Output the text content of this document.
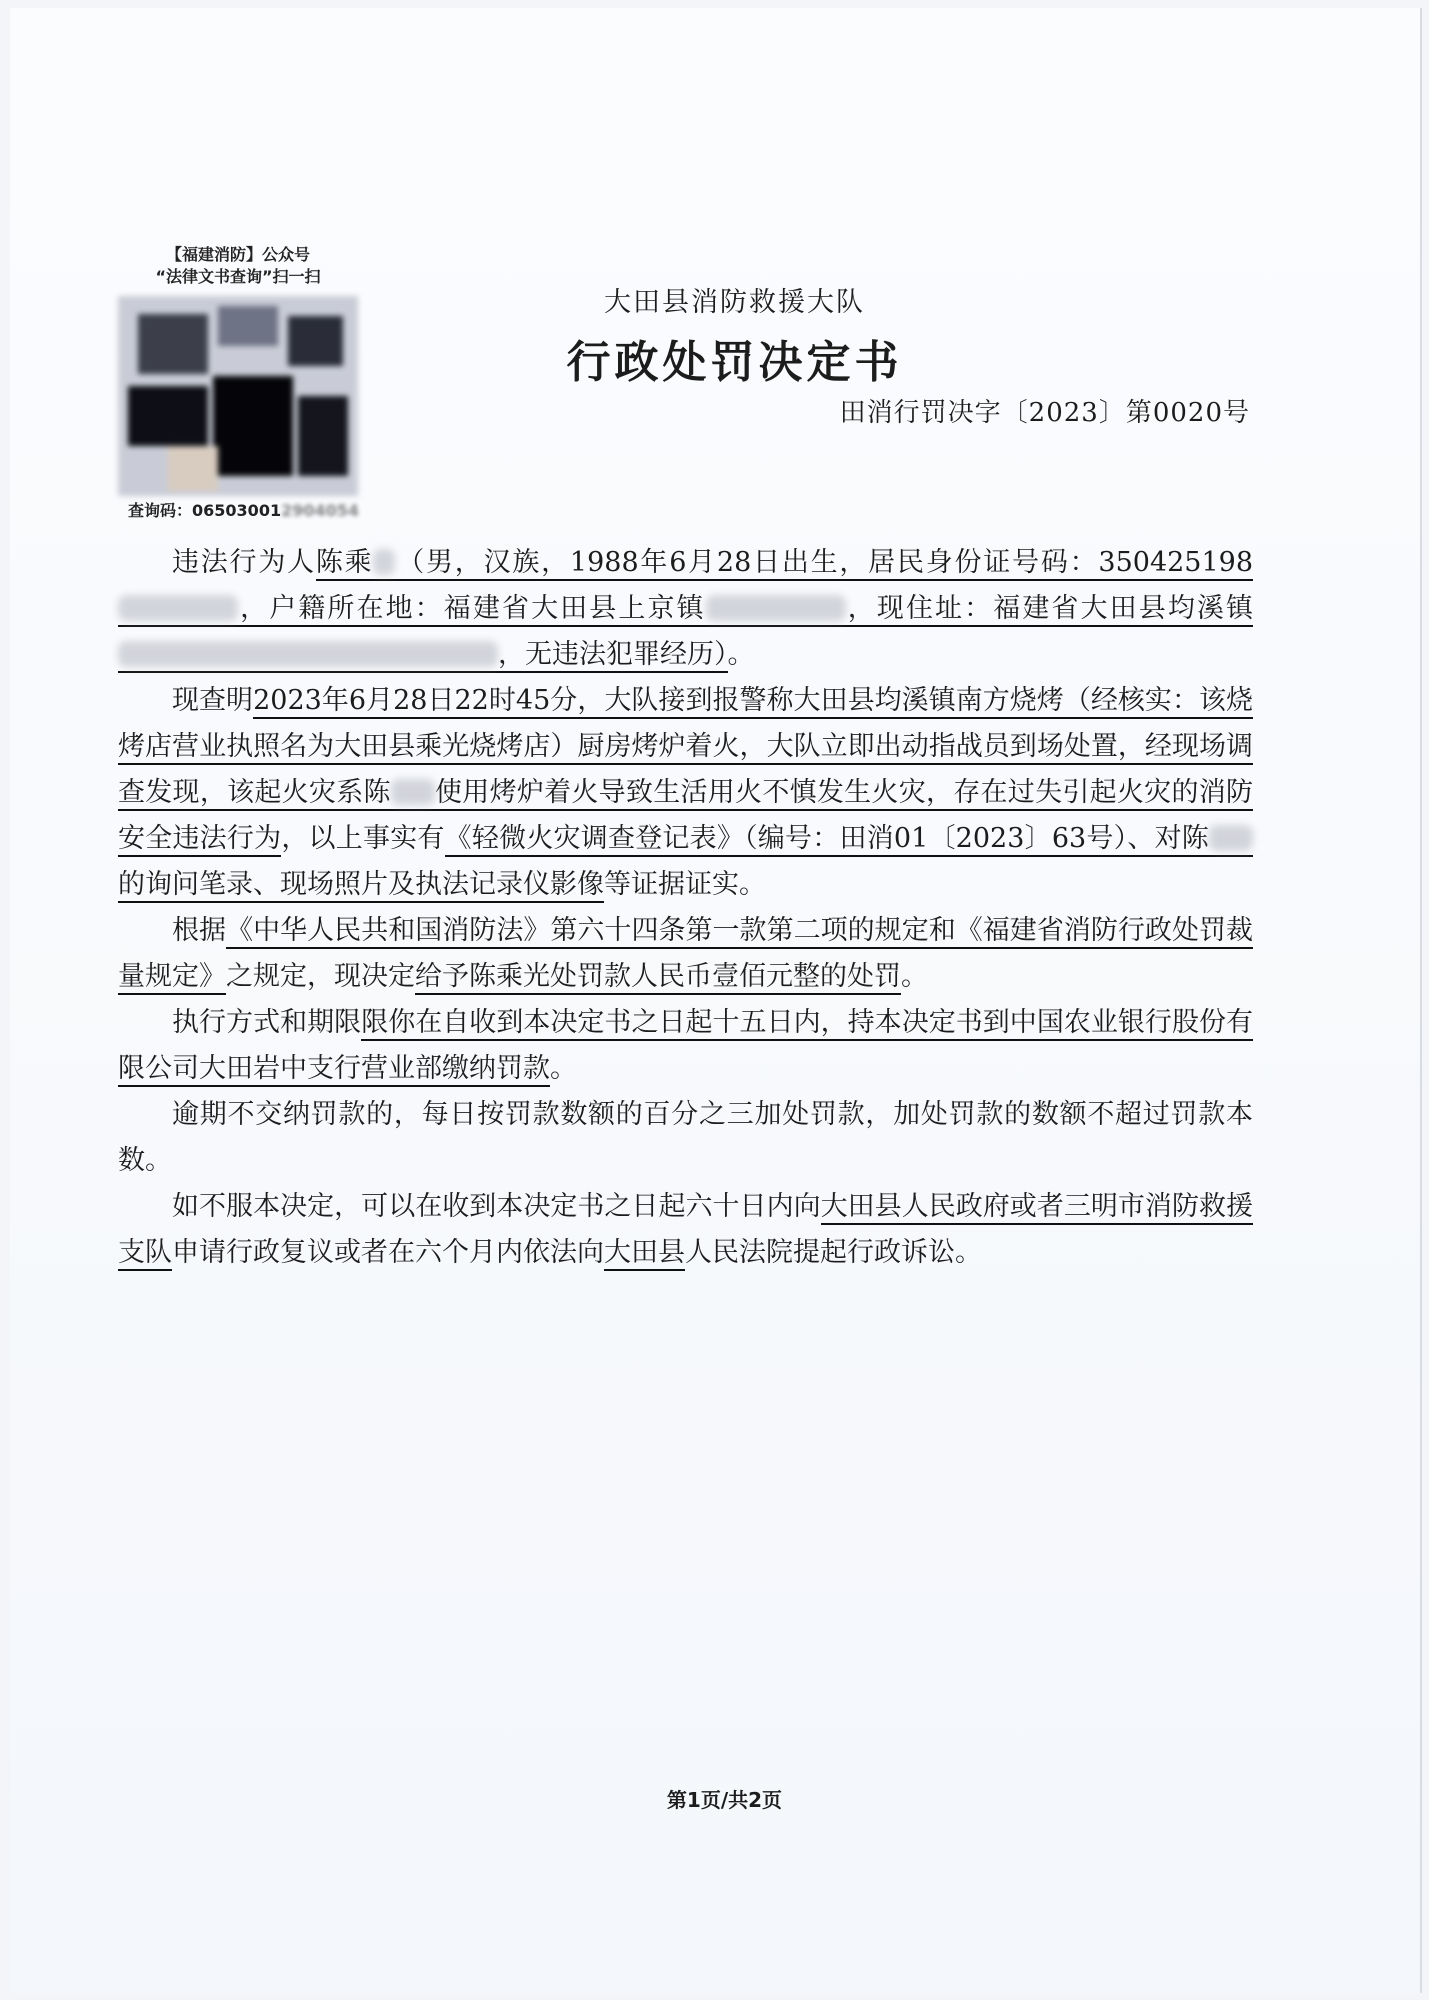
【福建消防】公众号
“法律文书查询”扫一扫
查询码：065030012904054
大田县消防救援大队
行政处罚决定书
田消行罚决字〔2023〕第0020号

违法行为人陈乘 （男，汉族，1988年6月28日出生，居民身份证号码：350425198，户籍所在地：福建省大田县上京镇	，现住址：福建省大田县均溪镇，无违法犯罪经历）。

现查明2023年6月28日22时45分，大队接到报警称大田县均溪镇南方烧烤（经核实：该烧烤店营业执照名为大田县乘光烧烤店）厨房烤炉着火，大队立即出动指战员到场处置，经现场调查发现，该起火灾系陈 使用烤炉着火导致生活用火不慎发生火灾，存在过失引起火灾的消防安全违法行为，以上事实有《轻微火灾调查登记表》（编号：田消01〔2023〕63号）、对陈的询问笔录、现场照片及执法记录仪影像等证据证实。

根据《中华人民共和国消防法》第六十四条第一款第二项的规定和《福建省消防行政处罚裁量规定》之规定，现决定给予陈乘光处罚款人民币壹佰元整的处罚。

执行方式和期限限你在自收到本决定书之日起十五日内，持本决定书到中国农业银行股份有限公司大田岩中支行营业部缴纳罚款。

逾期不交纳罚款的，每日按罚款数额的百分之三加处罚款，加处罚款的数额不超过罚款本数。

如不服本决定，可以在收到本决定书之日起六十日内向大田县人民政府或者三明市消防救援支队申请行政复议或者在六个月内依法向大田县人民法院提起行政诉讼。

第1页/共2页
